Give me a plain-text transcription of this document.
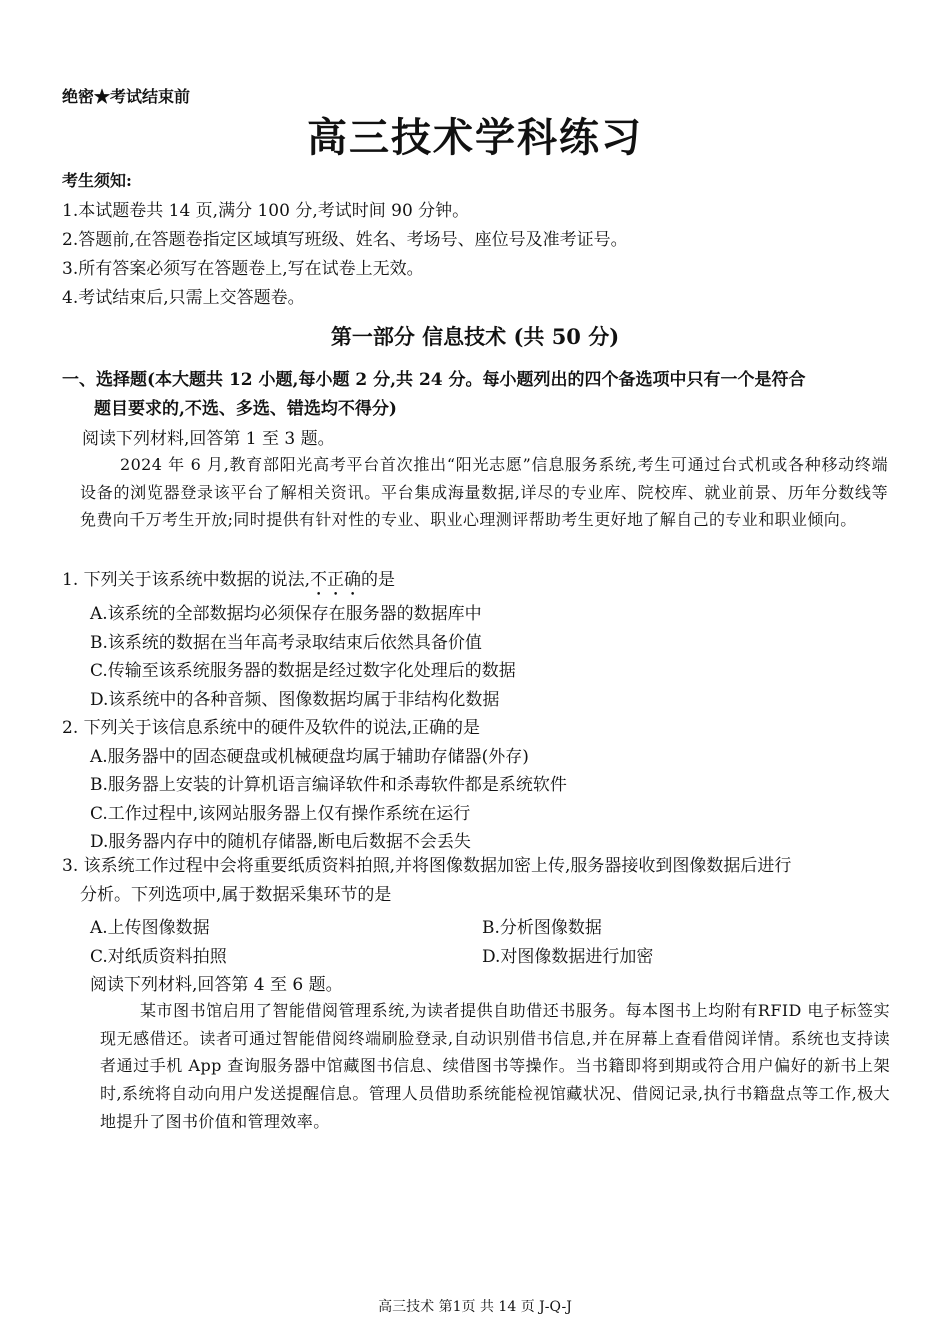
绝密★考试结束前
高三技术学科练习
考生须知:
1.本试题卷共 14 页,满分 100 分,考试时间 90 分钟。
2.答题前,在答题卷指定区域填写班级、姓名、考场号、座位号及准考证号。
3.所有答案必须写在答题卷上,写在试卷上无效。
4.考试结束后,只需上交答题卷。
第一部分 信息技术 (共 50 分)
一、选择题(本大题共 12 小题,每小题 2 分,共 24 分。每小题列出的四个备选项中只有一个是符合
题目要求的,不选、多选、错选均不得分)
阅读下列材料,回答第 1 至 3 题。
2024 年 6 月,教育部阳光高考平台首次推出“阳光志愿”信息服务系统,考生可通过台式机或各种移动终端设备的浏览器登录该平台了解相关资讯。平台集成海量数据,详尽的专业库、院校库、就业前景、历年分数线等免费向千万考生开放;同时提供有针对性的专业、职业心理测评帮助考生更好地了解自己的专业和职业倾向。
1. 下列关于该系统中数据的说法,不正确的是
A.该系统的全部数据均必须保存在服务器的数据库中
B.该系统的数据在当年高考录取结束后依然具备价值
C.传输至该系统服务器的数据是经过数字化处理后的数据
D.该系统中的各种音频、图像数据均属于非结构化数据
2. 下列关于该信息系统中的硬件及软件的说法,正确的是
A.服务器中的固态硬盘或机械硬盘均属于辅助存储器(外存)
B.服务器上安装的计算机语言编译软件和杀毒软件都是系统软件
C.工作过程中,该网站服务器上仅有操作系统在运行
D.服务器内存中的随机存储器,断电后数据不会丢失
3. 该系统工作过程中会将重要纸质资料拍照,并将图像数据加密上传,服务器接收到图像数据后进行
分析。下列选项中,属于数据采集环节的是
A.上传图像数据	B.分析图像数据
C.对纸质资料拍照	D.对图像数据进行加密
阅读下列材料,回答第 4 至 6 题。
某市图书馆启用了智能借阅管理系统,为读者提供自助借还书服务。每本图书上均附有RFID 电子标签实现无感借还。读者可通过智能借阅终端刷脸登录,自动识别借书信息,并在屏幕上查看借阅详情。系统也支持读者通过手机 App 查询服务器中馆藏图书信息、续借图书等操作。当书籍即将到期或符合用户偏好的新书上架时,系统将自动向用户发送提醒信息。管理人员借助系统能检视馆藏状况、借阅记录,执行书籍盘点等工作,极大地提升了图书价值和管理效率。
高三技术 第1页 共 14 页 J-Q-J
